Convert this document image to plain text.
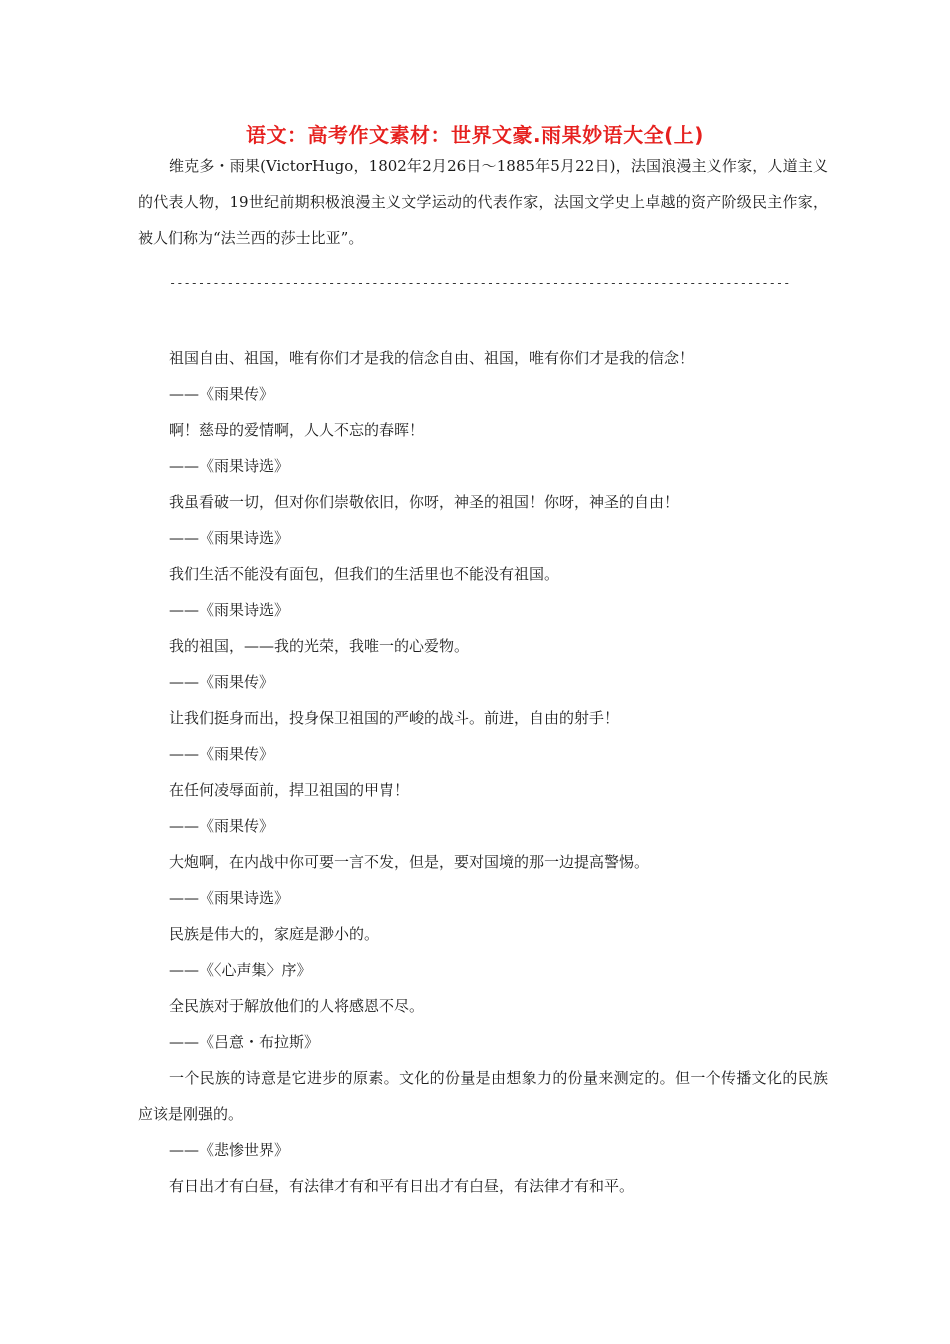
语文：高考作文素材：世界文豪.雨果妙语大全(上)
维克多・雨果(VictorHugo，1802年2月26日～1885年5月22日)，法国浪漫主义作家，人道主义的代表人物，19世纪前期积极浪漫主义文学运动的代表作家，法国文学史上卓越的资产阶级民主作家，被人们称为“法兰西的莎士比亚”。
--------------------------------------------------------------------------------------
祖国自由、祖国，唯有你们才是我的信念自由、祖国，唯有你们才是我的信念！
——《雨果传》
啊！慈母的爱情啊，人人不忘的春晖！
——《雨果诗选》
我虽看破一切，但对你们崇敬依旧，你呀，神圣的祖国！你呀，神圣的自由！
——《雨果诗选》
我们生活不能没有面包，但我们的生活里也不能没有祖国。
——《雨果诗选》
我的祖国，——我的光荣，我唯一的心爱物。
——《雨果传》
让我们挺身而出，投身保卫祖国的严峻的战斗。前进，自由的射手！
——《雨果传》
在任何凌辱面前，捍卫祖国的甲胄！
——《雨果传》
大炮啊，在内战中你可要一言不发，但是，要对国境的那一边提高警惕。
——《雨果诗选》
民族是伟大的，家庭是渺小的。
——《〈心声集〉序》
全民族对于解放他们的人将感恩不尽。
——《吕意・布拉斯》
一个民族的诗意是它进步的原素。文化的份量是由想象力的份量来测定的。但一个传播文化的民族应该是刚强的。
——《悲惨世界》
有日出才有白昼，有法律才有和平有日出才有白昼，有法律才有和平。
